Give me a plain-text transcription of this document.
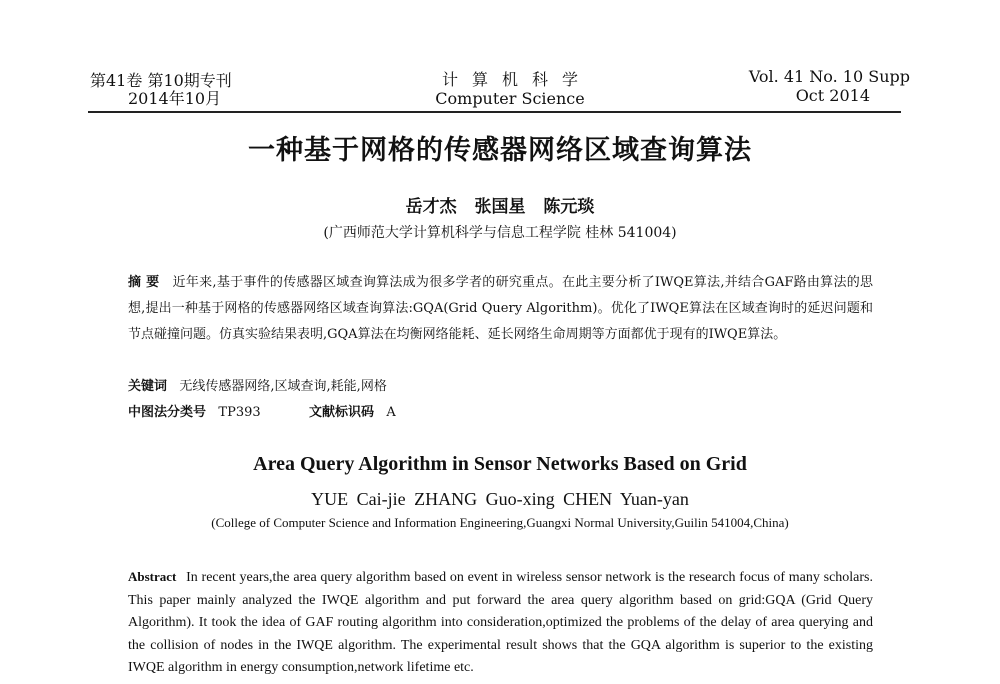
第41卷 第10期专刊
2014年10月
计算机科学
Computer Science
Vol. 41 No. 10 Supp
Oct 2014
一种基于网格的传感器网络区域查询算法
岳才杰 张国星 陈元琰
(广西师范大学计算机科学与信息工程学院 桂林 541004)
摘 要 近年来,基于事件的传感器区域查询算法成为很多学者的研究重点。在此主要分析了IWQE算法,并结合GAF路由算法的思想,提出一种基于网格的传感器网络区域查询算法:GQA(Grid Query Algorithm)。优化了IWQE算法在区域查询时的延迟问题和节点碰撞问题。仿真实验结果表明,GQA算法在均衡网络能耗、延长网络生命周期等方面都优于现有的IWQE算法。
关键词 无线传感器网络,区域查询,耗能,网格
中图法分类号 TP393	文献标识码 A
Area Query Algorithm in Sensor Networks Based on Grid
YUE Cai-jie ZHANG Guo-xing CHEN Yuan-yan
(College of Computer Science and Information Engineering,Guangxi Normal University,Guilin 541004,China)
Abstract In recent years,the area query algorithm based on event in wireless sensor network is the research focus of many scholars. This paper mainly analyzed the IWQE algorithm and put forward the area query algorithm based on grid:GQA (Grid Query Algorithm). It took the idea of GAF routing algorithm into consideration,optimized the problems of the delay of area querying and the collision of nodes in the IWQE algorithm. The experimental result shows that the GQA algorithm is superior to the existing IWQE algorithm in energy consumption,network lifetime etc.
